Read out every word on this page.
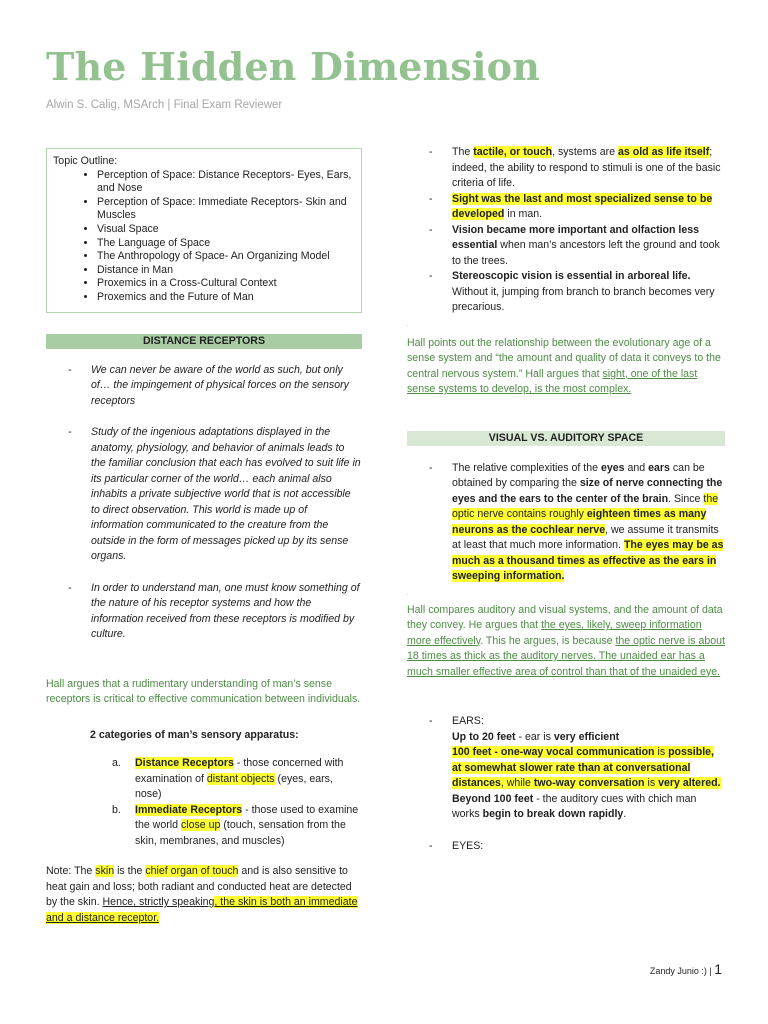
The Hidden Dimension
Alwin S. Calig, MSArch | Final Exam Reviewer
Topic Outline:
• Perception of Space: Distance Receptors- Eyes, Ears, and Nose
• Perception of Space: Immediate Receptors- Skin and Muscles
• Visual Space
• The Language of Space
• The Anthropology of Space- An Organizing Model
• Distance in Man
• Proxemics in a Cross-Cultural Context
• Proxemics and the Future of Man
DISTANCE RECEPTORS
- We can never be aware of the world as such, but only of… the impingement of physical forces on the sensory receptors
- Study of the ingenious adaptations displayed in the anatomy, physiology, and behavior of animals leads to the familiar conclusion that each has evolved to suit life in its particular corner of the world… each animal also inhabits a private subjective world that is not accessible to direct observation. This world is made up of information communicated to the creature from the outside in the form of messages picked up by its sense organs.
- In order to understand man, one must know something of the nature of his receptor systems and how the information received from these receptors is modified by culture.
Hall argues that a rudimentary understanding of man’s sense receptors is critical to effective communication between individuals.
2 categories of man’s sensory apparatus:
a. Distance Receptors - those concerned with examination of distant objects (eyes, ears, nose)
b. Immediate Receptors - those used to examine the world close up (touch, sensation from the skin, membranes, and muscles)
Note: The skin is the chief organ of touch and is also sensitive to heat gain and loss; both radiant and conducted heat are detected by the skin. Hence, strictly speaking, the skin is both an immediate and a distance receptor.
- The tactile, or touch, systems are as old as life itself; indeed, the ability to respond to stimuli is one of the basic criteria of life.
- Sight was the last and most specialized sense to be developed in man.
- Vision became more important and olfaction less essential when man’s ancestors left the ground and took to the trees.
- Stereoscopic vision is essential in arboreal life. Without it, jumping from branch to branch becomes very precarious.
.
Hall points out the relationship between the evolutionary age of a sense system and “the amount and quality of data it conveys to the central nervous system.” Hall argues that sight, one of the last sense systems to develop, is the most complex.
VISUAL VS. AUDITORY SPACE
- The relative complexities of the eyes and ears can be obtained by comparing the size of nerve connecting the eyes and the ears to the center of the brain. Since the optic nerve contains roughly eighteen times as many neurons as the cochlear nerve, we assume it transmits at least that much more information. The eyes may be as much as a thousand times as effective as the ears in sweeping information.
.
Hall compares auditory and visual systems, and the amount of data they convey. He argues that the eyes, likely, sweep information more effectively. This he argues, is because the optic nerve is about 18 times as thick as the auditory nerves. The unaided ear has a much smaller effective area of control than that of the unaided eye.
- EARS:
Up to 20 feet - ear is very efficient
100 feet - one-way vocal communication is possible, at somewhat slower rate than at conversational distances, while two-way conversation is very altered.
Beyond 100 feet - the auditory cues with chich man works begin to break down rapidly.
- EYES:
Zandy Junio :) | 1
